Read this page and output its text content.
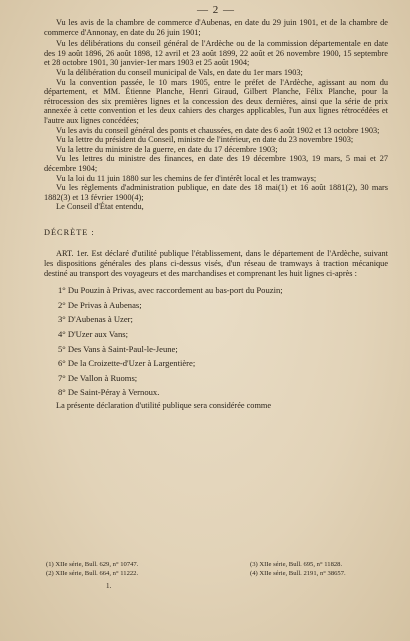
— 2 —

Vu les avis de la chambre de commerce d'Aubenas, en date du 29 juin 1901, et de la chambre de commerce d'Annonay, en date du 26 juin 1901;

Vu les délibérations du conseil général de l'Ardèche ou de la commission départementale en date des 19 août 1896, 26 août 1898, 12 avril et 23 août 1899, 22 août et 26 novembre 1900, 15 septembre et 28 octobre 1901, 30 janvier-1er mars 1903 et 25 août 1904;

Vu la délibération du conseil municipal de Vals, en date du 1er mars 1903;

Vu la convention passée, le 10 mars 1905, entre le préfet de l'Ardèche, agissant au nom du département, et MM. Étienne Planche, Henri Giraud, Gilbert Planche, Félix Planche, pour la rétrocession des six premières lignes et la concession des deux dernières, ainsi que la série de prix annexée à cette convention et les deux cahiers des charges applicables, l'un aux lignes rétrocédées et l'autre aux lignes concédées;

Vu les avis du conseil général des ponts et chaussées, en date des 6 août 1902 et 13 octobre 1903;

Vu la lettre du président du Conseil, ministre de l'intérieur, en date du 23 novembre 1903;

Vu la lettre du ministre de la guerre, en date du 17 décembre 1903;

Vu les lettres du ministre des finances, en date des 19 décembre 1903, 19 mars, 5 mai et 27 décembre 1904;

Vu la loi du 11 juin 1880 sur les chemins de fer d'intérêt local et les tramways;

Vu les règlements d'administration publique, en date des 18 mai(1) et 16 août 1881(2), 30 mars 1882(3) et 13 février 1900(4);

Le Conseil d'État entendu,

DÉCRÈTE :

ART. 1er. Est déclaré d'utilité publique l'établissement, dans le département de l'Ardèche, suivant les dispositions générales des plans ci-dessus visés, d'un réseau de tramways à traction mécanique destiné au transport des voyageurs et des marchandises et comprenant les huit lignes ci-après :

1° Du Pouzin à Privas, avec raccordement au bas-port du Pouzin;
2° De Privas à Aubenas;
3° D'Aubenas à Uzer;
4° D'Uzer aux Vans;
5° Des Vans à Saint-Paul-le-Jeune;
6° De la Croizette-d'Uzer à Largentière;
7° De Vallon à Ruoms;
8° De Saint-Péray à Vernoux.

La présente déclaration d'utilité publique sera considérée comme

(1) XIIe série, Bull. 629, n° 10747.
(2) XIIe série, Bull. 664, n° 11222.
(3) XIIe série, Bull. 695, n° 11828.
(4) XIIe série, Bull. 2191, n° 38657.
1.
